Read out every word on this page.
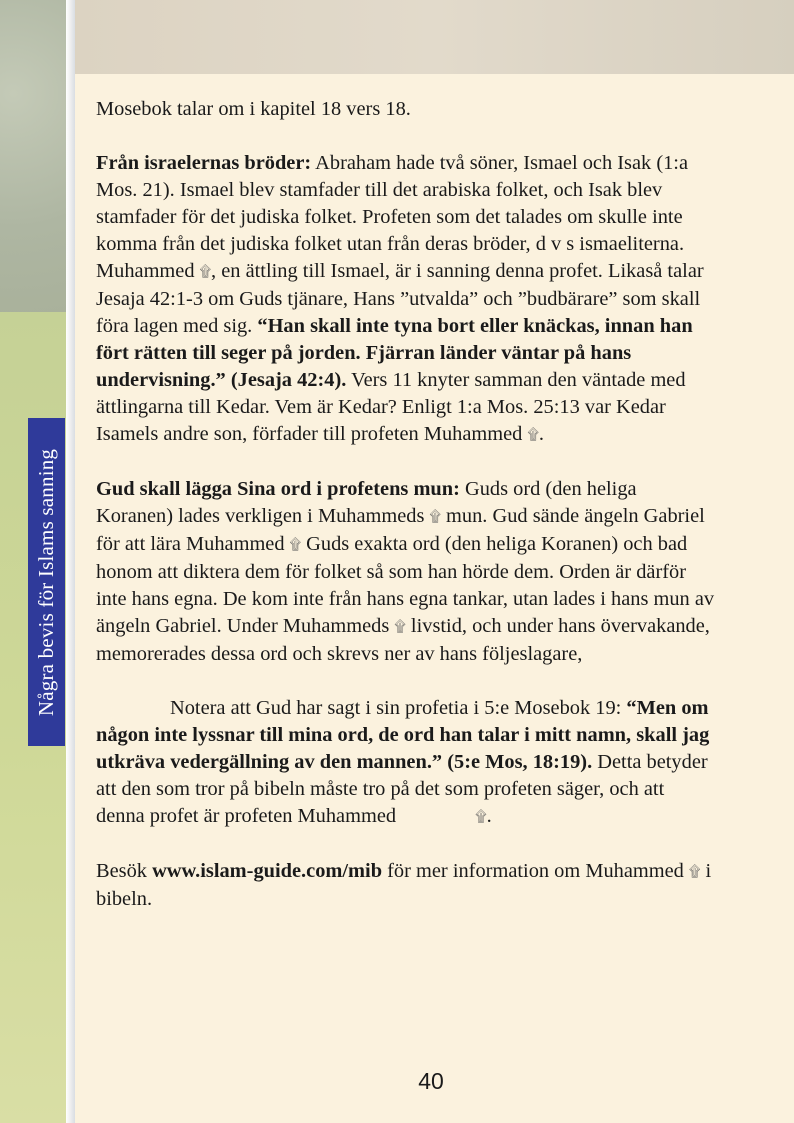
Några bevis för Islams sanning

Mosebok talar om i kapitel 18 vers 18.

Från israelernas bröder: Abraham hade två söner, Ismael och Isak (1:a Mos. 21). Ismael blev stamfader till det arabiska folket, och Isak blev stamfader för det judiska folket. Profeten som det talades om skulle inte komma från det judiska folket utan från deras bröder, d v s ismaeliterna. Muhammed ۩, en ättling till Ismael, är i sanning denna profet. Likaså talar Jesaja 42:1-3 om Guds tjänare, Hans ”utvalda” och ”budbärare” som skall föra lagen med sig. “Han skall inte tyna bort eller knäckas, innan han fört rätten till seger på jorden. Fjärran länder väntar på hans undervisning.” (Jesaja 42:4). Vers 11 knyter samman den väntade med ättlingarna till Kedar. Vem är Kedar? Enligt 1:a Mos. 25:13 var Kedar Isamels andre son, förfader till profeten Muhammed ۩.

Gud skall lägga Sina ord i profetens mun: Guds ord (den heliga Koranen) lades verkligen i Muhammeds ۩ mun. Gud sände ängeln Gabriel för att lära Muhammed ۩ Guds exakta ord (den heliga Koranen) och bad honom att diktera dem för folket så som han hörde dem. Orden är därför inte hans egna. De kom inte från hans egna tankar, utan lades i hans mun av ängeln Gabriel. Under Muhammeds ۩ livstid, och under hans övervakande, memorerades dessa ord och skrevs ner av hans följeslagare,

Notera att Gud har sagt i sin profetia i 5:e Mosebok 19: “Men om någon inte lyssnar till mina ord, de ord han talar i mitt namn, skall jag utkräva vedergällning av den mannen.” (5:e Mos, 18:19). Detta betyder att den som tror på bibeln måste tro på det som profeten säger, och att denna profet är profeten Muhammed	۩.

Besök www.islam-guide.com/mib för mer information om Muhammed ۩ i bibeln.

40
